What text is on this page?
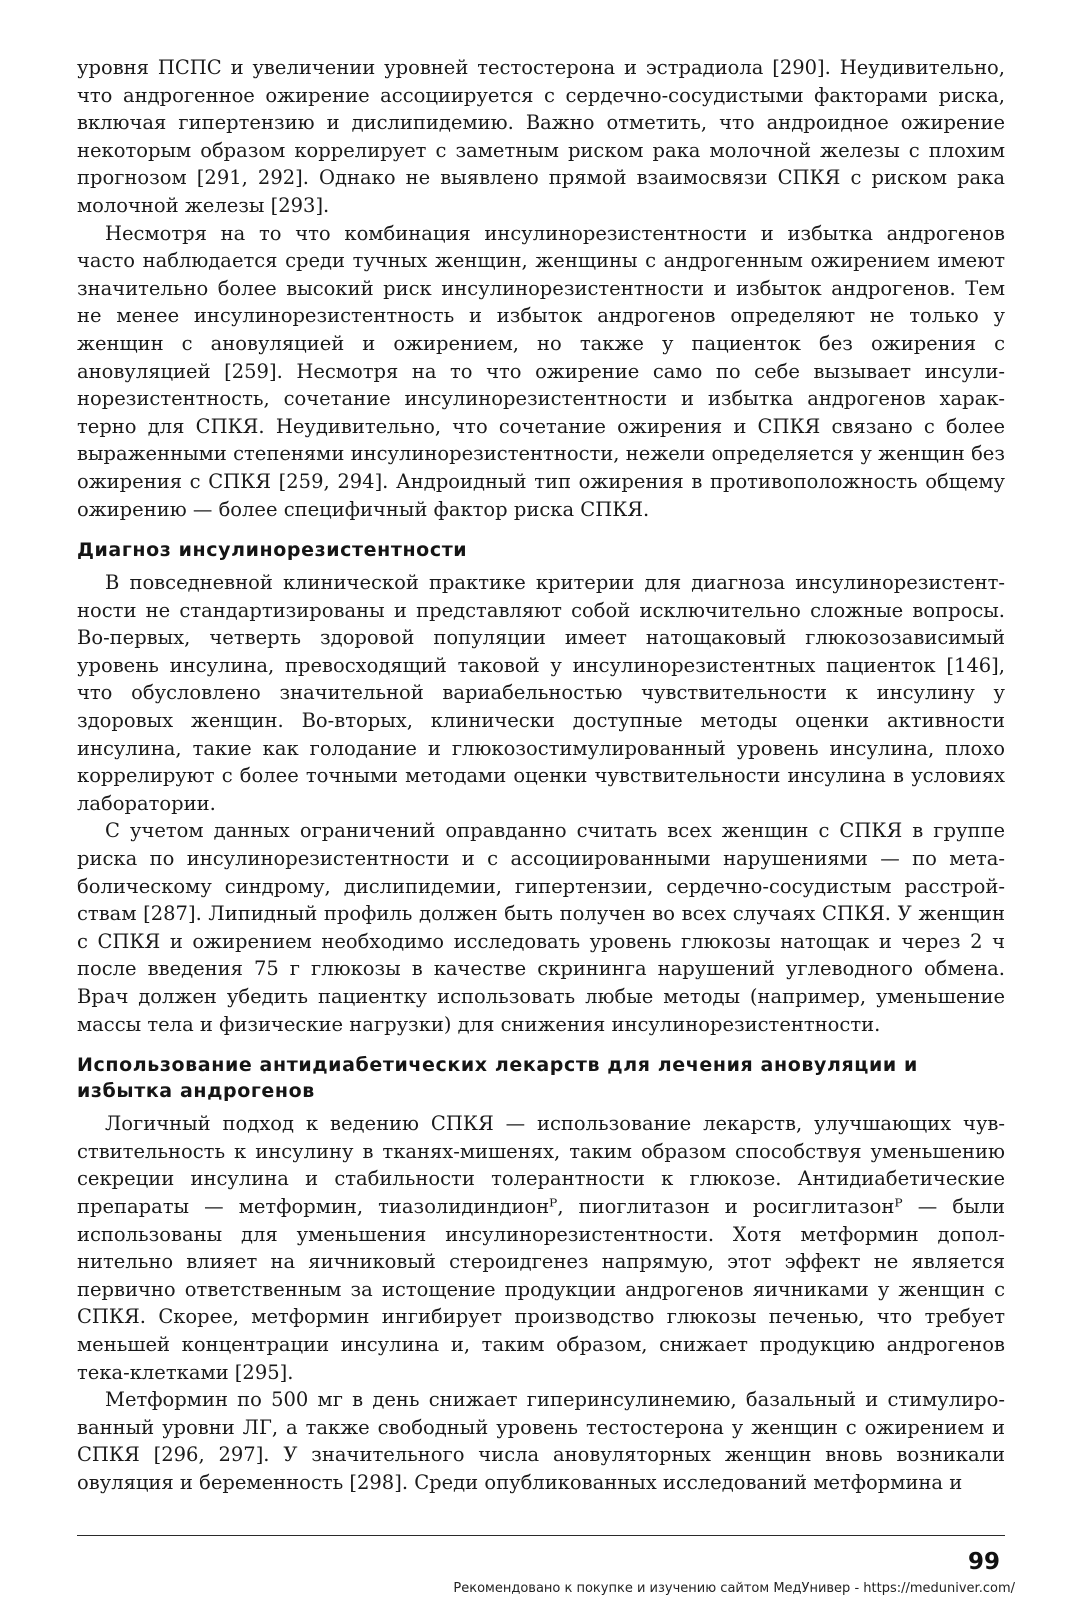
уровня ПСПС и увеличении уровней тестостерона и эстрадиола [290]. Неудивительно, что андрогенное ожирение ассоциируется с сердечно-сосудистыми факторами риска, включая гипертензию и дислипидемию. Важно отметить, что андроидное ожирение некоторым образом коррелирует с заметным риском рака молочной железы с плохим прогнозом [291, 292]. Однако не выявлено прямой взаимосвязи СПКЯ с риском рака молочной железы [293].

Несмотря на то что комбинация инсулинорезистентности и избытка андрогенов часто наблюдается среди тучных женщин, женщины с андрогенным ожирением имеют значительно более высокий риск инсулинорезистентности и избыток андрогенов. Тем не менее инсулинорезистентность и избыток андрогенов определяют не только у женщин с ановуляцией и ожирением, но также у пациенток без ожирения с ановуляцией [259]. Несмотря на то что ожирение само по себе вызывает инсулинорезистентность, сочетание инсулинорезистентности и избытка андрогенов характерно для СПКЯ. Неудивительно, что сочетание ожирения и СПКЯ связано с более выраженными степенями инсулинорезистентности, нежели определяется у женщин без ожирения с СПКЯ [259, 294]. Андроидный тип ожирения в противоположность общему ожирению — более специфичный фактор риска СПКЯ.

Диагноз инсулинорезистентности

В повседневной клинической практике критерии для диагноза инсулинорезистентности не стандартизированы и представляют собой исключительно сложные вопросы. Во-первых, четверть здоровой популяции имеет натощаковый глюкозозависимый уровень инсулина, превосходящий таковой у инсулинорезистентных пациенток [146], что обусловлено значительной вариабельностью чувствительности к инсулину у здоровых женщин. Во-вторых, клинически доступные методы оценки активности инсулина, такие как голодание и глюкозостимулированный уровень инсулина, плохо коррелируют с более точными методами оценки чувствительности инсулина в условиях лаборатории.

С учетом данных ограничений оправданно считать всех женщин с СПКЯ в группе риска по инсулинорезистентности и с ассоциированными нарушениями — по метаболическому синдрому, дислипидемии, гипертензии, сердечно-сосудистым расстройствам [287]. Липидный профиль должен быть получен во всех случаях СПКЯ. У женщин с СПКЯ и ожирением необходимо исследовать уровень глюкозы натощак и через 2 ч после введения 75 г глюкозы в качестве скрининга нарушений углеводного обмена. Врач должен убедить пациентку использовать любые методы (например, уменьшение массы тела и физические нагрузки) для снижения инсулинорезистентности.

Использование антидиабетических лекарств для лечения ановуляции и избытка андрогенов

Логичный подход к ведению СПКЯ — использование лекарств, улучшающих чувствительность к инсулину в тканях-мишенях, таким образом способствуя уменьшению секреции инсулина и стабильности толерантности к глюкозе. Антидиабетические препараты — метформин, тиазолидиндионᴾ, пиоглитазон и росиглитазонᴾ — были использованы для уменьшения инсулинорезистентности. Хотя метформин дополнительно влияет на яичниковый стероидгенез напрямую, этот эффект не является первично ответственным за истощение продукции андрогенов яичниками у женщин с СПКЯ. Скорее, метформин ингибирует производство глюкозы печенью, что требует меньшей концентрации инсулина и, таким образом, снижает продукцию андрогенов тека-клетками [295].

Метформин по 500 мг в день снижает гиперинсулинемию, базальный и стимулированный уровни ЛГ, а также свободный уровень тестостерона у женщин с ожирением и СПКЯ [296, 297]. У значительного числа ановуляторных женщин вновь возникали овуляция и беременность [298]. Среди опубликованных исследований метформина и

99
Рекомендовано к покупке и изучению сайтом МедУнивер - https://meduniver.com/
